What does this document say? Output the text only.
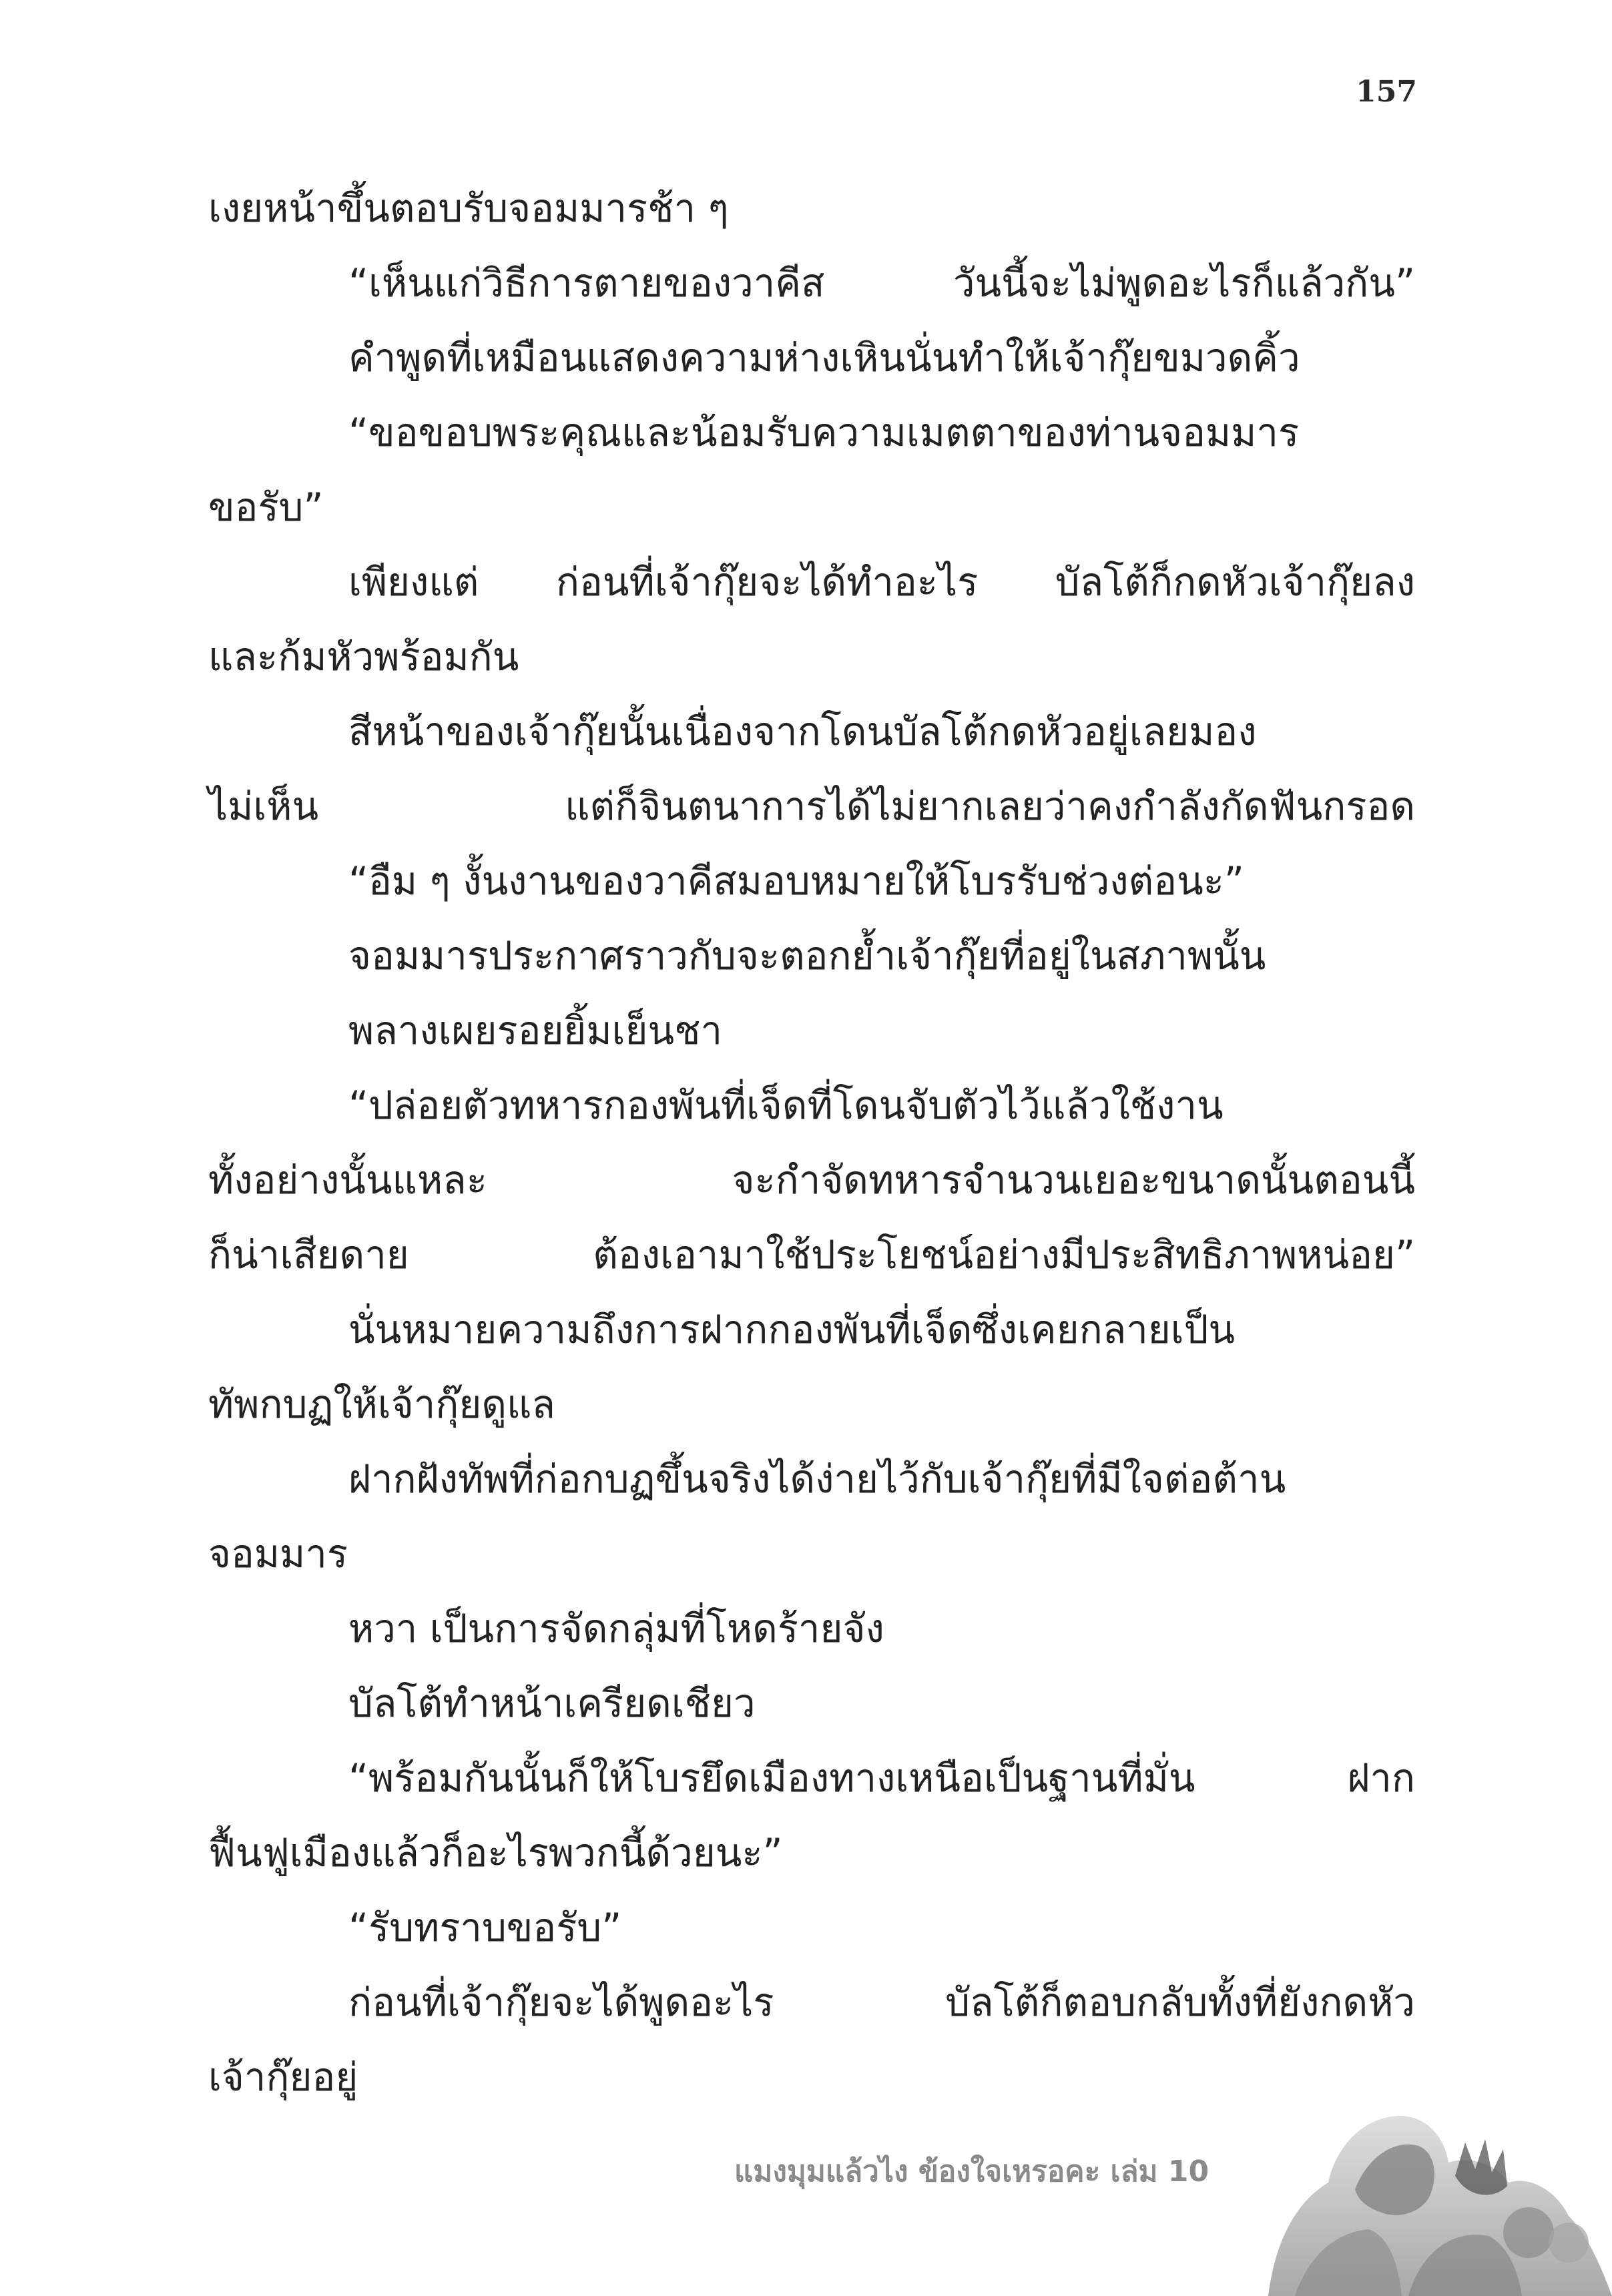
157
เงยหน้าขึ้นตอบรับจอมมารช้า ๆ
“เห็นแก่วิธีการตายของวาคีส วันนี้จะไม่พูดอะไรก็แล้วกัน”
คำพูดที่เหมือนแสดงความห่างเหินนั่นทำให้เจ้ากุ๊ยขมวดคิ้ว
“ขอขอบพระคุณและน้อมรับความเมตตาของท่านจอมมาร
ขอรับ”
เพียงแต่ ก่อนที่เจ้ากุ๊ยจะได้ทำอะไร บัลโต้ก็กดหัวเจ้ากุ๊ยลง
และก้มหัวพร้อมกัน
สีหน้าของเจ้ากุ๊ยนั้นเนื่องจากโดนบัลโต้กดหัวอยู่เลยมอง
ไม่เห็น แต่ก็จินตนาการได้ไม่ยากเลยว่าคงกำลังกัดฟันกรอด
“อืม ๆ งั้นงานของวาคีสมอบหมายให้โบรรับช่วงต่อนะ”
จอมมารประกาศราวกับจะตอกย้ำเจ้ากุ๊ยที่อยู่ในสภาพนั้น
พลางเผยรอยยิ้มเย็นชา
“ปล่อยตัวทหารกองพันที่เจ็ดที่โดนจับตัวไว้แล้วใช้งาน
ทั้งอย่างนั้นแหละ จะกำจัดทหารจำนวนเยอะขนาดนั้นตอนนี้
ก็น่าเสียดาย ต้องเอามาใช้ประโยชน์อย่างมีประสิทธิภาพหน่อย”
นั่นหมายความถึงการฝากกองพันที่เจ็ดซึ่งเคยกลายเป็น
ทัพกบฏให้เจ้ากุ๊ยดูแล
ฝากฝังทัพที่ก่อกบฏขึ้นจริงได้ง่ายไว้กับเจ้ากุ๊ยที่มีใจต่อต้าน
จอมมาร
หวา เป็นการจัดกลุ่มที่โหดร้ายจัง
บัลโต้ทำหน้าเครียดเชียว
“พร้อมกันนั้นก็ให้โบรยึดเมืองทางเหนือเป็นฐานที่มั่น ฝาก
ฟื้นฟูเมืองแล้วก็อะไรพวกนี้ด้วยนะ”
“รับทราบขอรับ”
ก่อนที่เจ้ากุ๊ยจะได้พูดอะไร บัลโต้ก็ตอบกลับทั้งที่ยังกดหัว
เจ้ากุ๊ยอยู่
แมงมุมแล้วไง ข้องใจเหรอคะ เล่ม 10
